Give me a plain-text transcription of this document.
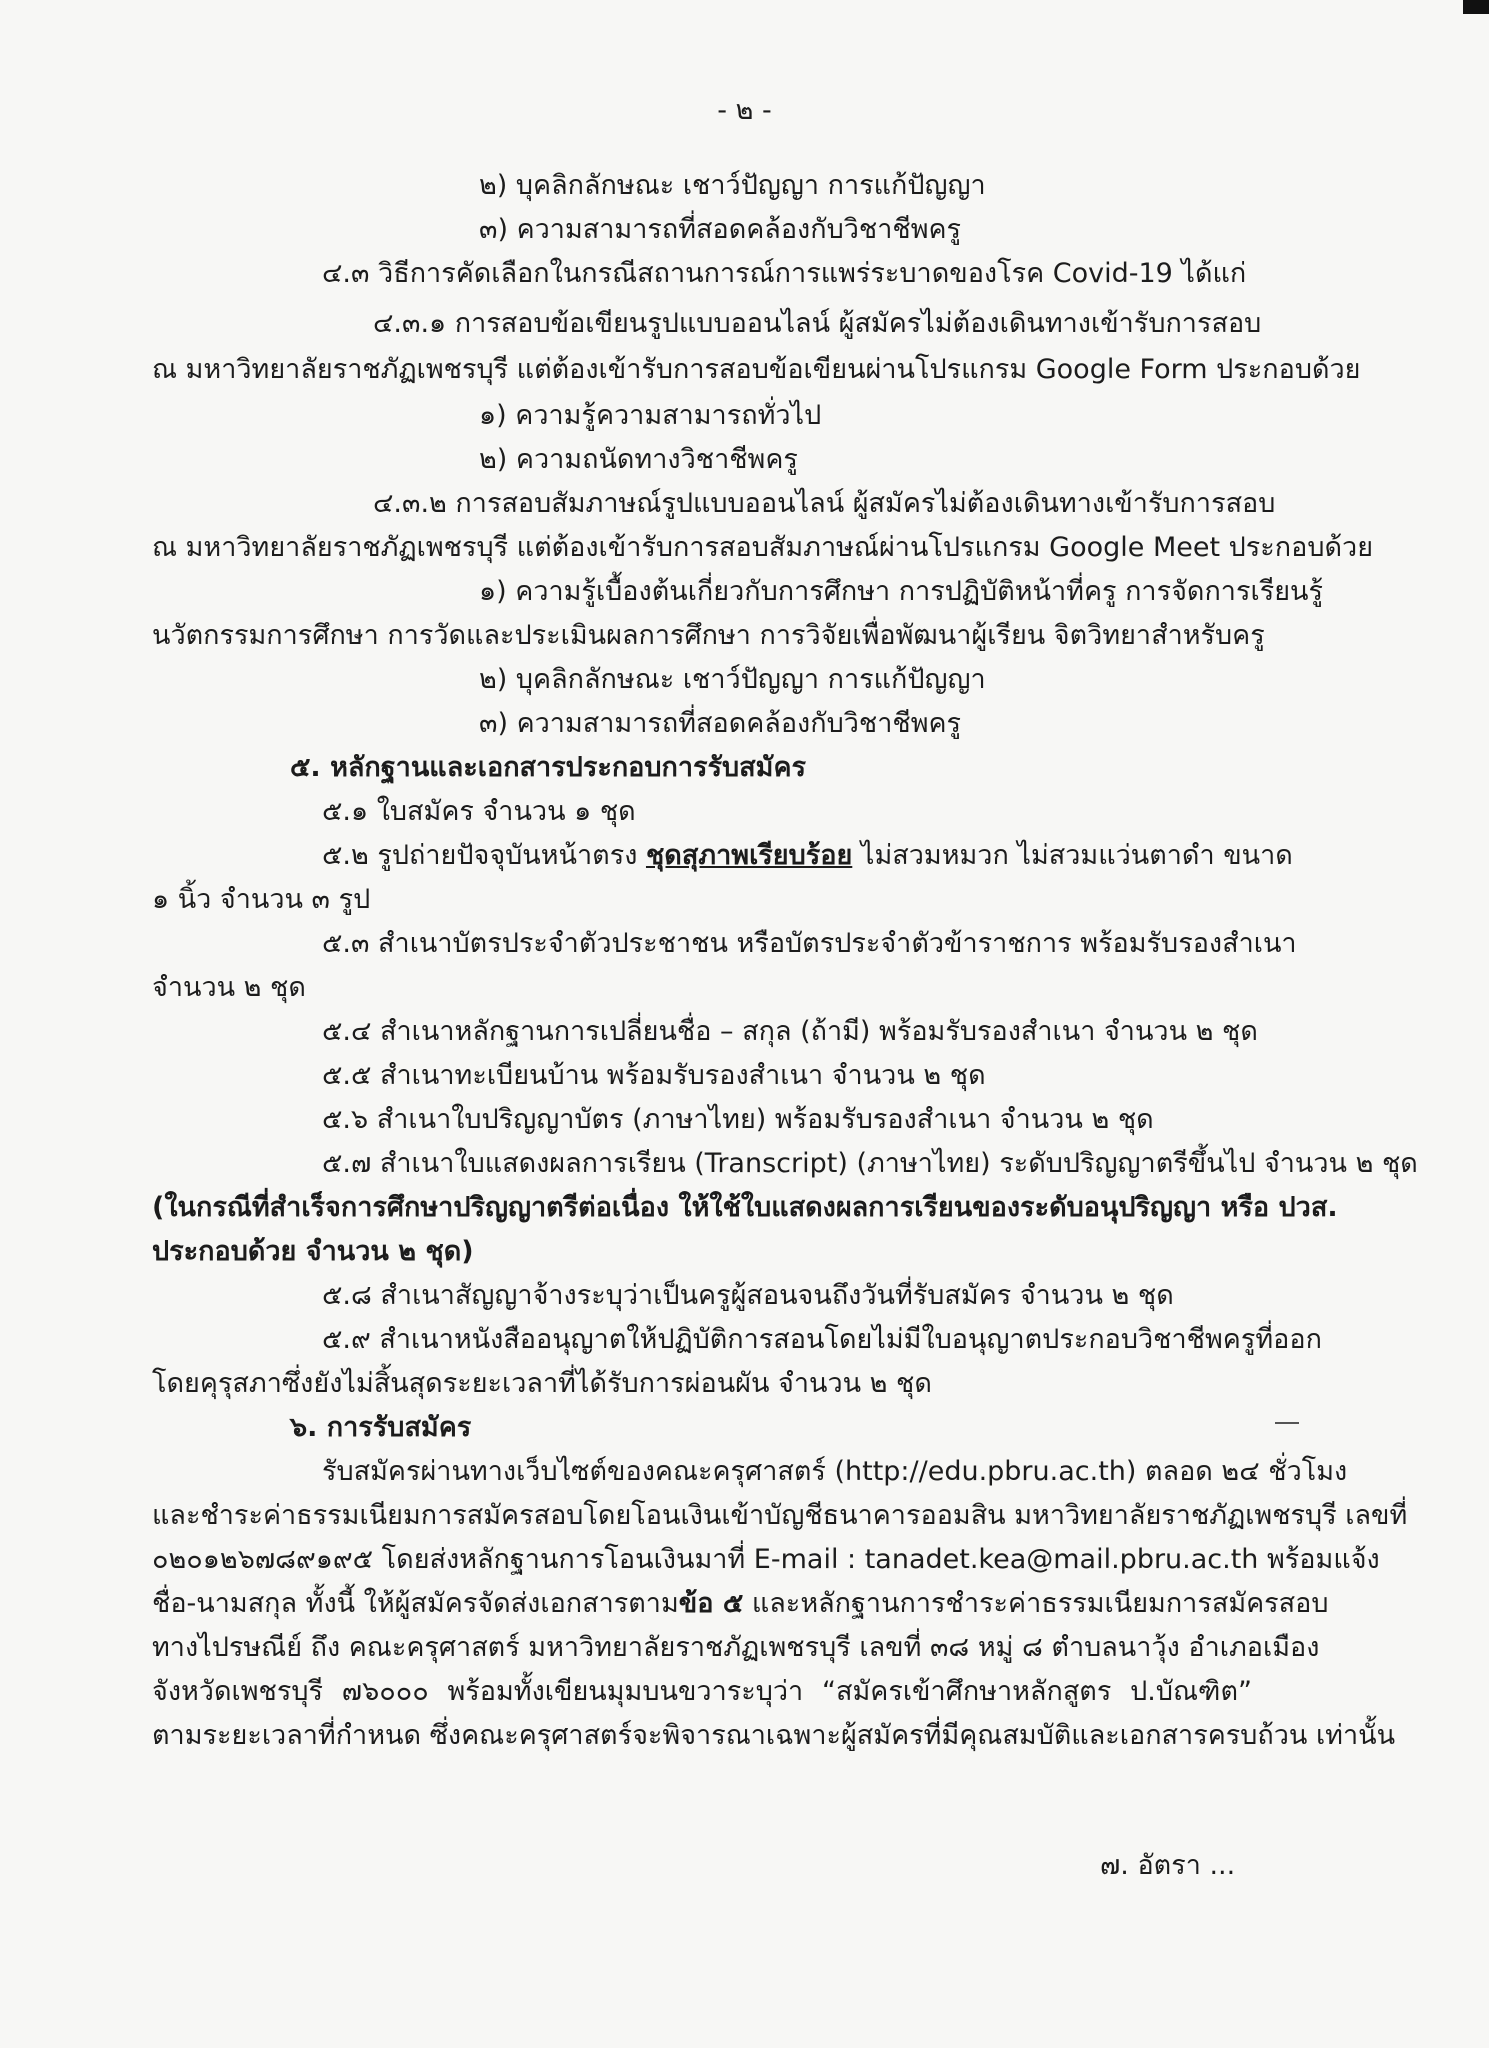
- ๒ -

๒) บุคลิกลักษณะ เชาว์ปัญญา การแก้ปัญญา

๓) ความสามารถที่สอดคล้องกับวิชาชีพครู

๔.๓ วิธีการคัดเลือกในกรณีสถานการณ์การแพร่ระบาดของโรค Covid-19 ได้แก่

๔.๓.๑ การสอบข้อเขียนรูปแบบออนไลน์ ผู้สมัครไม่ต้องเดินทางเข้ารับการสอบ

ณ มหาวิทยาลัยราชภัฏเพชรบุรี แต่ต้องเข้ารับการสอบข้อเขียนผ่านโปรแกรม Google Form ประกอบด้วย

๑) ความรู้ความสามารถทั่วไป

๒) ความถนัดทางวิชาชีพครู

๔.๓.๒ การสอบสัมภาษณ์รูปแบบออนไลน์ ผู้สมัครไม่ต้องเดินทางเข้ารับการสอบ

ณ มหาวิทยาลัยราชภัฏเพชรบุรี แต่ต้องเข้ารับการสอบสัมภาษณ์ผ่านโปรแกรม Google Meet ประกอบด้วย

๑) ความรู้เบื้องต้นเกี่ยวกับการศึกษา การปฏิบัติหน้าที่ครู การจัดการเรียนรู้

นวัตกรรมการศึกษา การวัดและประเมินผลการศึกษา การวิจัยเพื่อพัฒนาผู้เรียน จิตวิทยาสำหรับครู

๒) บุคลิกลักษณะ เชาว์ปัญญา การแก้ปัญญา

๓) ความสามารถที่สอดคล้องกับวิชาชีพครู

๕. หลักฐานและเอกสารประกอบการรับสมัคร

๕.๑ ใบสมัคร จำนวน ๑ ชุด

๕.๒ รูปถ่ายปัจจุบันหน้าตรง ชุดสุภาพเรียบร้อย ไม่สวมหมวก ไม่สวมแว่นตาดำ ขนาด

๑ นิ้ว จำนวน ๓ รูป

๕.๓ สำเนาบัตรประจำตัวประชาชน หรือบัตรประจำตัวข้าราชการ พร้อมรับรองสำเนา

จำนวน ๒ ชุด

๕.๔ สำเนาหลักฐานการเปลี่ยนชื่อ – สกุล (ถ้ามี) พร้อมรับรองสำเนา จำนวน ๒ ชุด

๕.๕ สำเนาทะเบียนบ้าน พร้อมรับรองสำเนา จำนวน ๒ ชุด

๕.๖ สำเนาใบปริญญาบัตร (ภาษาไทย) พร้อมรับรองสำเนา จำนวน ๒ ชุด

๕.๗ สำเนาใบแสดงผลการเรียน (Transcript) (ภาษาไทย) ระดับปริญญาตรีขึ้นไป จำนวน ๒ ชุด

(ในกรณีที่สำเร็จการศึกษาปริญญาตรีต่อเนื่อง ให้ใช้ใบแสดงผลการเรียนของระดับอนุปริญญา หรือ ปวส.

ประกอบด้วย จำนวน ๒ ชุด)

๕.๘ สำเนาสัญญาจ้างระบุว่าเป็นครูผู้สอนจนถึงวันที่รับสมัคร จำนวน ๒ ชุด

๕.๙ สำเนาหนังสืออนุญาตให้ปฏิบัติการสอนโดยไม่มีใบอนุญาตประกอบวิชาชีพครูที่ออก

โดยคุรุสภาซึ่งยังไม่สิ้นสุดระยะเวลาที่ได้รับการผ่อนผัน จำนวน ๒ ชุด

๖. การรับสมัคร

รับสมัครผ่านทางเว็บไซต์ของคณะครุศาสตร์ (http://edu.pbru.ac.th) ตลอด ๒๔ ชั่วโมง

และชำระค่าธรรมเนียมการสมัครสอบโดยโอนเงินเข้าบัญชีธนาคารออมสิน มหาวิทยาลัยราชภัฏเพชรบุรี เลขที่

๐๒๐๑๒๖๗๘๙๑๙๕ โดยส่งหลักฐานการโอนเงินมาที่ E-mail : tanadet.kea@mail.pbru.ac.th พร้อมแจ้ง

ชื่อ-นามสกุล ทั้งนี้ ให้ผู้สมัครจัดส่งเอกสารตามข้อ ๕ และหลักฐานการชำระค่าธรรมเนียมการสมัครสอบ

ทางไปรษณีย์ ถึง คณะครุศาสตร์ มหาวิทยาลัยราชภัฏเพชรบุรี เลขที่ ๓๘ หมู่ ๘ ตำบลนาวุ้ง อำเภอเมือง

จังหวัดเพชรบุรี ๗๖๐๐๐ พร้อมทั้งเขียนมุมบนขวาระบุว่า “สมัครเข้าศึกษาหลักสูตร ป.บัณฑิต”

ตามระยะเวลาที่กำหนด ซึ่งคณะครุศาสตร์จะพิจารณาเฉพาะผู้สมัครที่มีคุณสมบัติและเอกสารครบถ้วน เท่านั้น

๗. อัตรา ...
